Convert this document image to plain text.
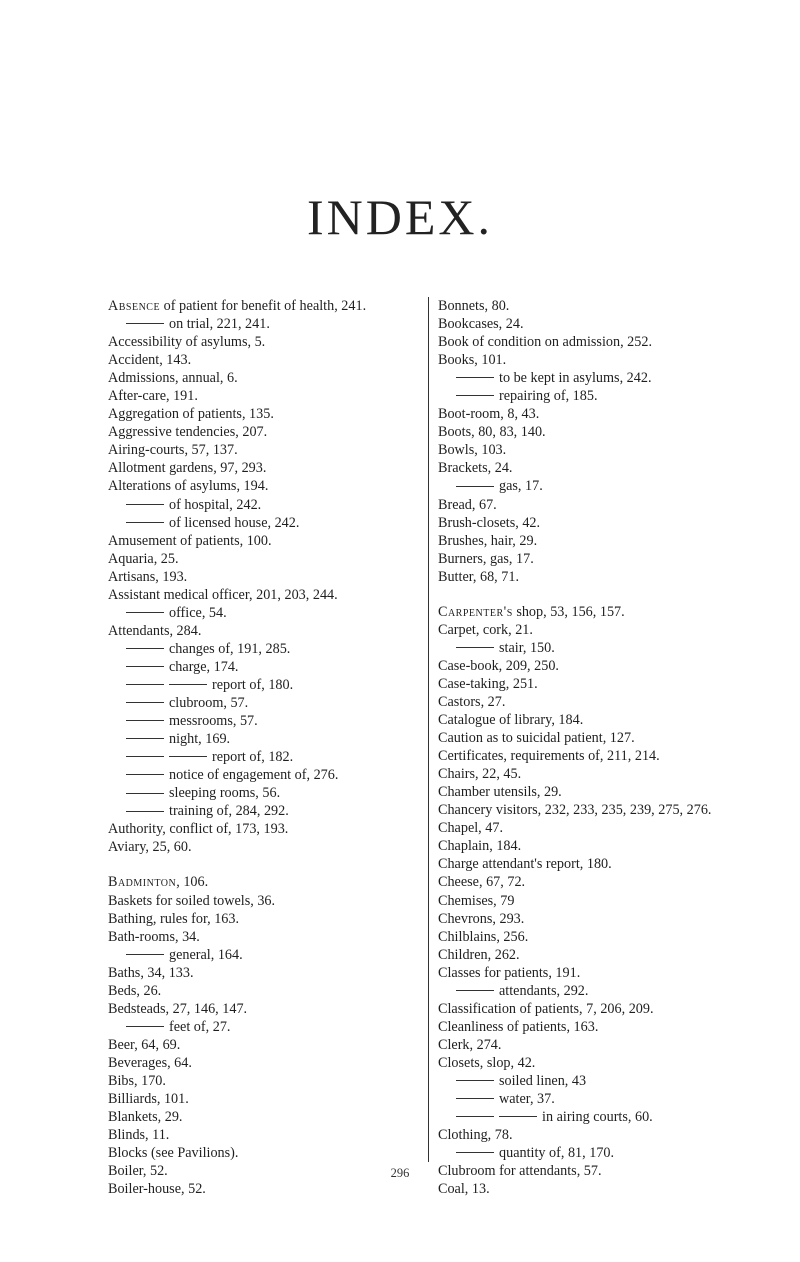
INDEX.
Absence of patient for benefit of health, 241.
on trial, 221, 241.
Accessibility of asylums, 5.
Accident, 143.
Admissions, annual, 6.
After-care, 191.
Aggregation of patients, 135.
Aggressive tendencies, 207.
Airing-courts, 57, 137.
Allotment gardens, 97, 293.
Alterations of asylums, 194.
of hospital, 242.
of licensed house, 242.
Amusement of patients, 100.
Aquaria, 25.
Artisans, 193.
Assistant medical officer, 201, 203, 244.
office, 54.
Attendants, 284.
changes of, 191, 285.
charge, 174.
report of, 180.
clubroom, 57.
messrooms, 57.
night, 169.
report of, 182.
notice of engagement of, 276.
sleeping rooms, 56.
training of, 284, 292.
Authority, conflict of, 173, 193.
Aviary, 25, 60.
Badminton, 106.
Baskets for soiled towels, 36.
Bathing, rules for, 163.
Bath-rooms, 34.
general, 164.
Baths, 34, 133.
Beds, 26.
Bedsteads, 27, 146, 147.
feet of, 27.
Beer, 64, 69.
Beverages, 64.
Bibs, 170.
Billiards, 101.
Blankets, 29.
Blinds, 11.
Blocks (see Pavilions).
Boiler, 52.
Boiler-house, 52.
Bonnets, 80.
Bookcases, 24.
Book of condition on admission, 252.
Books, 101.
to be kept in asylums, 242.
repairing of, 185.
Boot-room, 8, 43.
Boots, 80, 83, 140.
Bowls, 103.
Brackets, 24.
gas, 17.
Bread, 67.
Brush-closets, 42.
Brushes, hair, 29.
Burners, gas, 17.
Butter, 68, 71.
Carpenter's shop, 53, 156, 157.
Carpet, cork, 21.
stair, 150.
Case-book, 209, 250.
Case-taking, 251.
Castors, 27.
Catalogue of library, 184.
Caution as to suicidal patient, 127.
Certificates, requirements of, 211, 214.
Chairs, 22, 45.
Chamber utensils, 29.
Chancery visitors, 232, 233, 235, 239, 275, 276.
Chapel, 47.
Chaplain, 184.
Charge attendant's report, 180.
Cheese, 67, 72.
Chemises, 79
Chevrons, 293.
Chilblains, 256.
Children, 262.
Classes for patients, 191.
attendants, 292.
Classification of patients, 7, 206, 209.
Cleanliness of patients, 163.
Clerk, 274.
Closets, slop, 42.
soiled linen, 43
water, 37.
in airing courts, 60.
Clothing, 78.
quantity of, 81, 170.
Clubroom for attendants, 57.
Coal, 13.
296
